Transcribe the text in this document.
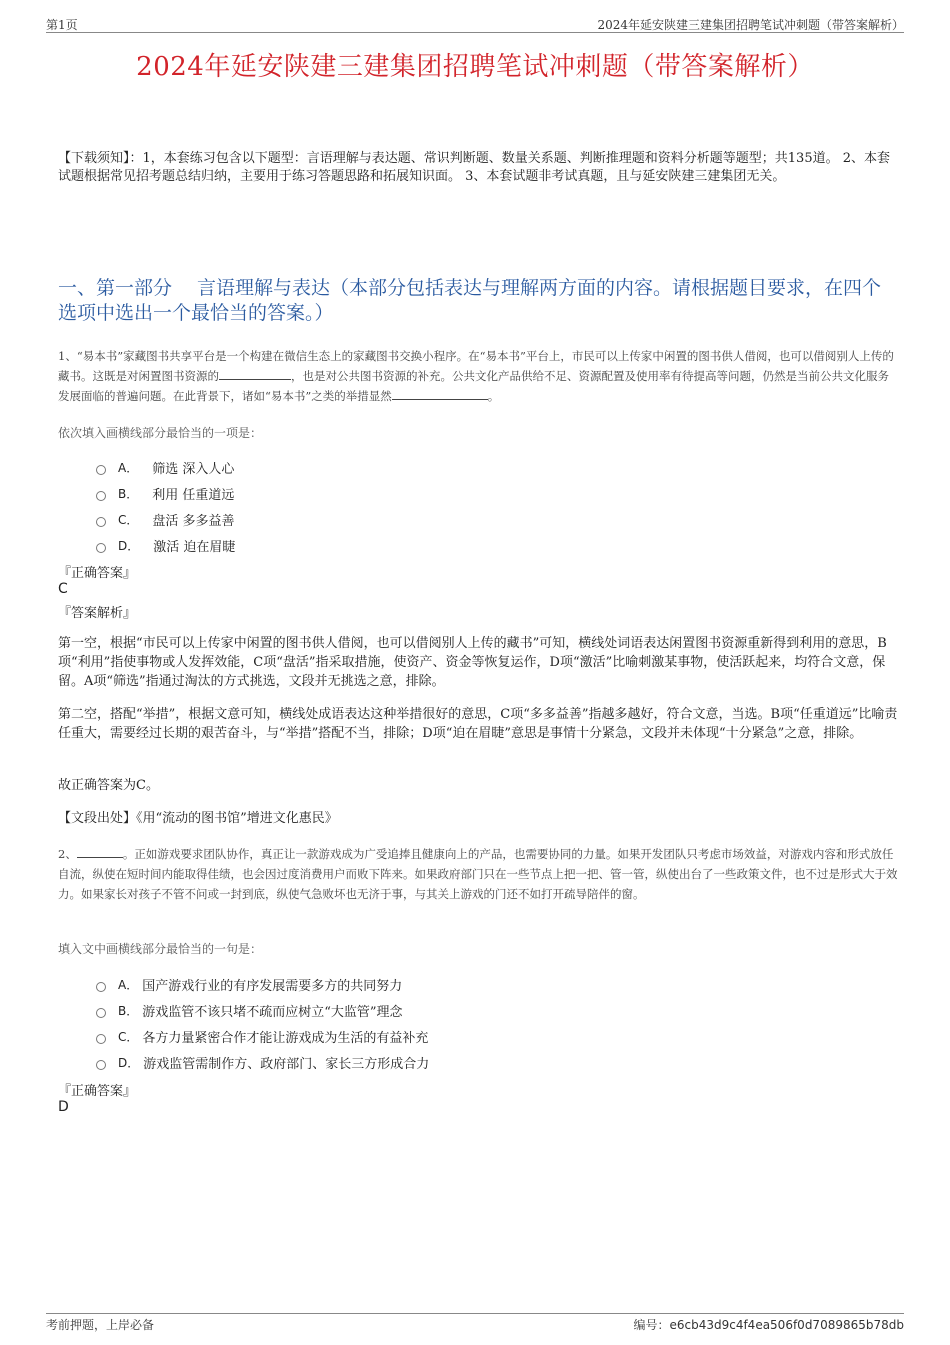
第1页	2024年延安陕建三建集团招聘笔试冲刺题（带答案解析）
2024年延安陕建三建集团招聘笔试冲刺题（带答案解析）
【下载须知】：1，本套练习包含以下题型：言语理解与表达题、常识判断题、数量关系题、判断推理题和资料分析题等题型；共135道。 2、本套试题根据常见招考题总结归纳，主要用于练习答题思路和拓展知识面。 3、本套试题非考试真题，且与延安陕建三建集团无关。
一、第一部分　 言语理解与表达（本部分包括表达与理解两方面的内容。请根据题目要求，在四个选项中选出一个最恰当的答案。）
1、“易本书”家藏图书共享平台是一个构建在微信生态上的家藏图书交换小程序。在“易本书”平台上，市民可以上传家中闲置的图书供人借阅，也可以借阅别人上传的藏书。这既是对闲置图书资源的	，也是对公共图书资源的补充。公共文化产品供给不足、资源配置及使用率有待提高等问题，仍然是当前公共文化服务发展面临的普遍问题。在此背景下，诸如“易本书”之类的举措显然	。
依次填入画横线部分最恰当的一项是：
A． 筛选 深入人心
B． 利用 任重道远
C． 盘活 多多益善
D． 激活 迫在眉睫
『正确答案』
C
『答案解析』
第一空，根据“市民可以上传家中闲置的图书供人借阅，也可以借阅别人上传的藏书”可知，横线处词语表达闲置图书资源重新得到利用的意思，B项“利用”指使事物或人发挥效能，C项“盘活”指采取措施，使资产、资金等恢复运作，D项“激活”比喻刺激某事物，使活跃起来，均符合文意，保留。A项“筛选”指通过淘汰的方式挑选，文段并无挑选之意，排除。
第二空，搭配“举措”，根据文意可知，横线处成语表达这种举措很好的意思，C项“多多益善”指越多越好，符合文意，当选。B项“任重道远”比喻责任重大，需要经过长期的艰苦奋斗，与“举措”搭配不当，排除；D项“迫在眉睫”意思是事情十分紧急，文段并未体现“十分紧急”之意，排除。
故正确答案为C。
【文段出处】《用“流动的图书馆”增进文化惠民》
2、	。正如游戏要求团队协作，真正让一款游戏成为广受追捧且健康向上的产品，也需要协同的力量。如果开发团队只考虑市场效益，对游戏内容和形式放任自流，纵使在短时间内能取得佳绩，也会因过度消费用户而败下阵来。如果政府部门只在一些节点上把一把、管一管，纵使出台了一些政策文件，也不过是形式大于效力。如果家长对孩子不管不问或一封到底，纵使气急败坏也无济于事，与其关上游戏的门还不如打开疏导陪伴的窗。
填入文中画横线部分最恰当的一句是：
A． 国产游戏行业的有序发展需要多方的共同努力
B． 游戏监管不该只堵不疏而应树立“大监管”理念
C． 各方力量紧密合作才能让游戏成为生活的有益补充
D． 游戏监管需制作方、政府部门、家长三方形成合力
『正确答案』
D
考前押题，上岸必备	编号：e6cb43d9c4f4ea506f0d7089865b78db
